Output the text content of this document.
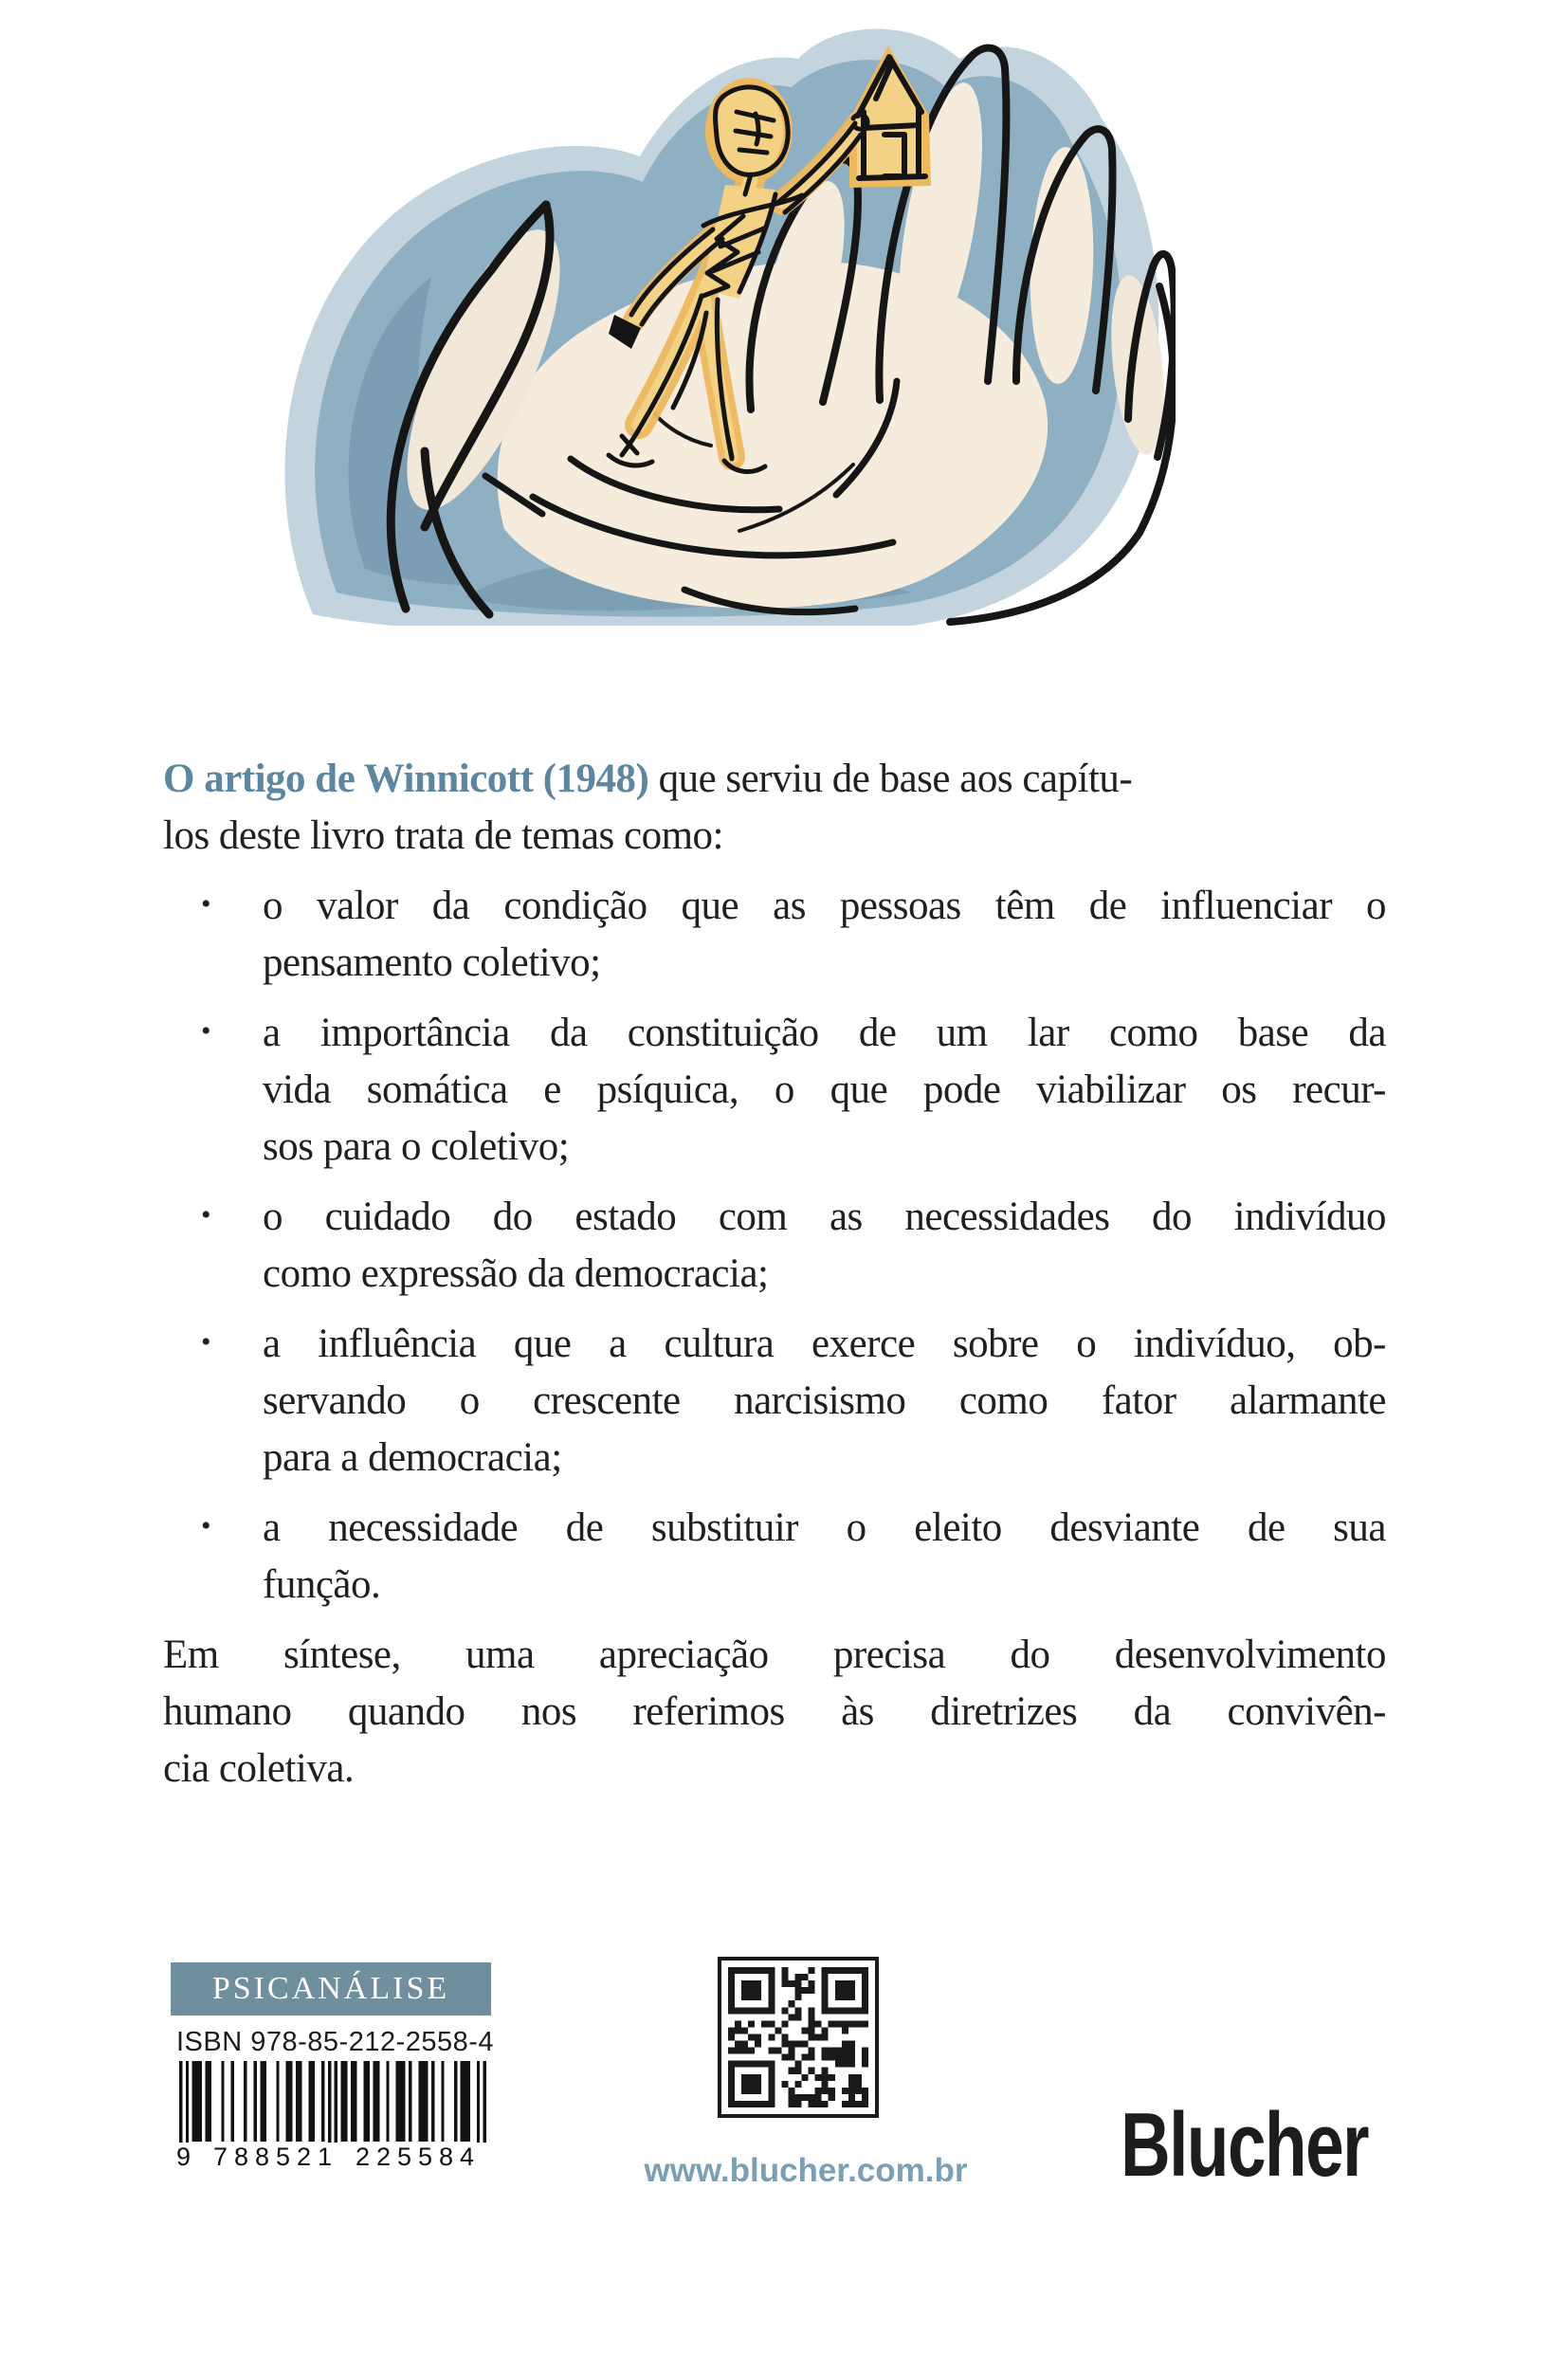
O artigo de Winnicott (1948) que serviu de base aos capítu-
los deste livro trata de temas como:

• o valor da condição que as pessoas têm de influenciar o
pensamento coletivo;
• a importância da constituição de um lar como base da
vida somática e psíquica, o que pode viabilizar os recur-
sos para o coletivo;
• o cuidado do estado com as necessidades do indivíduo
como expressão da democracia;
• a influência que a cultura exerce sobre o indivíduo, ob-
servando o crescente narcisismo como fator alarmante
para a democracia;
• a necessidade de substituir o eleito desviante de sua
função.

Em síntese, uma apreciação precisa do desenvolvimento
humano quando nos referimos às diretrizes da convivên-
cia coletiva.

PSICANÁLISE
ISBN 978-85-212-2558-4
9 788521 225584	www.blucher.com.br Blucher
